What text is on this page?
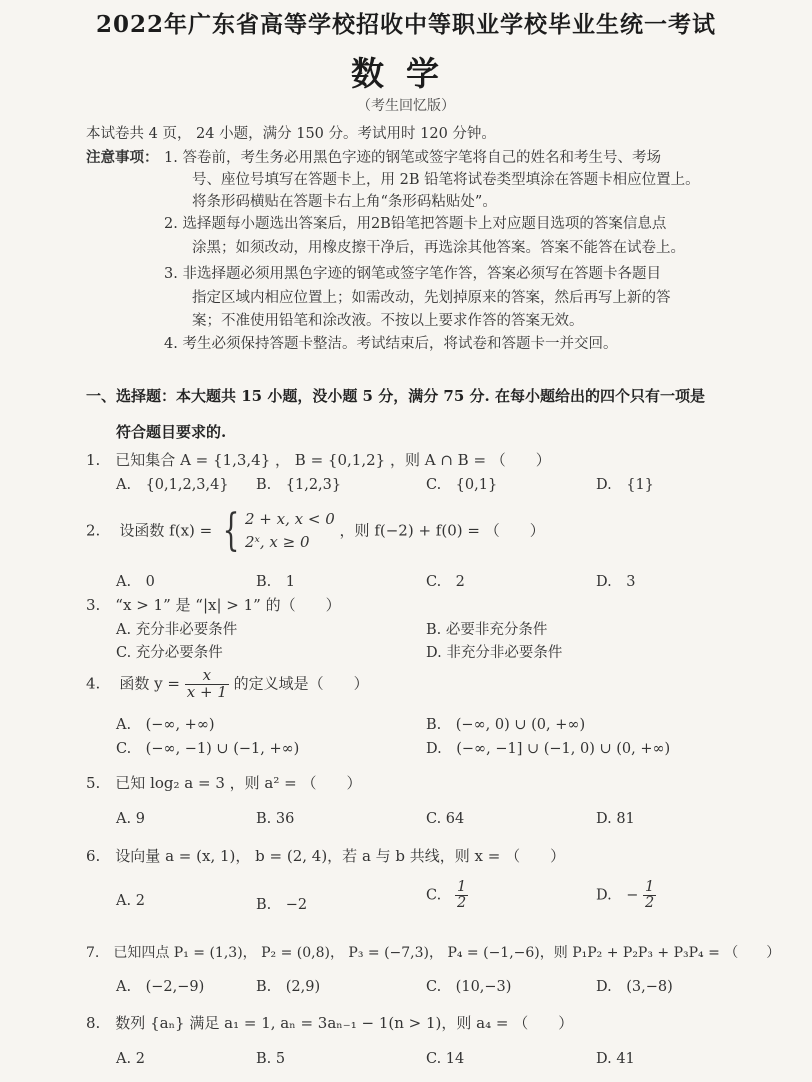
2022年广东省高等学校招收中等职业学校毕业生统一考试
数学
（考生回忆版）
本试卷共 4 页， 24 小题，满分 150 分。考试用时 120 分钟。
注意事项： 1. 答卷前，考生务必用黑色字迹的钢笔或签字笔将自己的姓名和考生号、考场
号、座位号填写在答题卡上，用 2B 铅笔将试卷类型填涂在答题卡相应位置上。
将条形码横贴在答题卡右上角“条形码粘贴处”。
2. 选择题每小题选出答案后，用2B铅笔把答题卡上对应题目选项的答案信息点
涂黑；如须改动，用橡皮擦干净后，再选涂其他答案。答案不能答在试卷上。
3. 非选择题必须用黑色字迹的钢笔或签字笔作答，答案必须写在答题卡各题目
指定区域内相应位置上；如需改动，先划掉原来的答案，然后再写上新的答
案；不准使用铅笔和涂改液。不按以上要求作答的答案无效。
4. 考生必须保持答题卡整洁。考试结束后，将试卷和答题卡一并交回。
一、选择题：本大题共 15 小题，没小题 5 分，满分 75 分. 在每小题给出的四个只有一项是
符合题目要求的.
1.　已知集合 A = {1,3,4} ， B = {0,1,2} ，则 A ∩ B = （　　）
A.　{0,1,2,3,4} B.　{1,2,3}	C.　{0,1}	D.　{1}
2. 设函数 f(x) = { 2 + x, x < 0
2ˣ, x ≥ 0
，则 f(−2) + f(0) = （　　）
A.　0	B.　1	C.　2	D.　3
3.　“x > 1” 是 “|x| > 1” 的（　　）
A. 充分非必要条件	B. 必要非充分条件
C. 充分必要条件	D. 非充分非必要条件
4. 函数 $y = \frac{x}{x + 1}$ 的定义域是（　　）
A.　(−∞, +∞)	B.　(−∞, 0) ∪ (0, +∞)
C.　(−∞, −1) ∪ (−1, +∞)	D.　(−∞, −1] ∪ (−1, 0) ∪ (0, +∞)
5.　已知 log₂ a = 3 ，则 a² = （　　）
A. 9	B. 36	C. 64	D. 81
6.　设向量 a = (x, 1)， b = (2, 4)，若 a 与 b 共线，则 x = （　　）
A. 2	B.　−2
C. $\frac{1}{2}$	D.　− $\frac{1}{2}$
7.　已知四点 P₁ = (1,3)， P₂ = (0,8)， P₃ = (−7,3)， P₄ = (−1,−6)，则 P₁P₂ + P₂P₃ + P₃P₄ = （　　）
A.　(−2,−9)	B.　(2,9)	C.　(10,−3)	D.　(3,−8)
8.　数列 {aₙ} 满足 a₁ = 1, aₙ = 3aₙ₋₁ − 1(n > 1)，则 a₄ = （　　）
A. 2	B. 5	C. 14	D. 41
